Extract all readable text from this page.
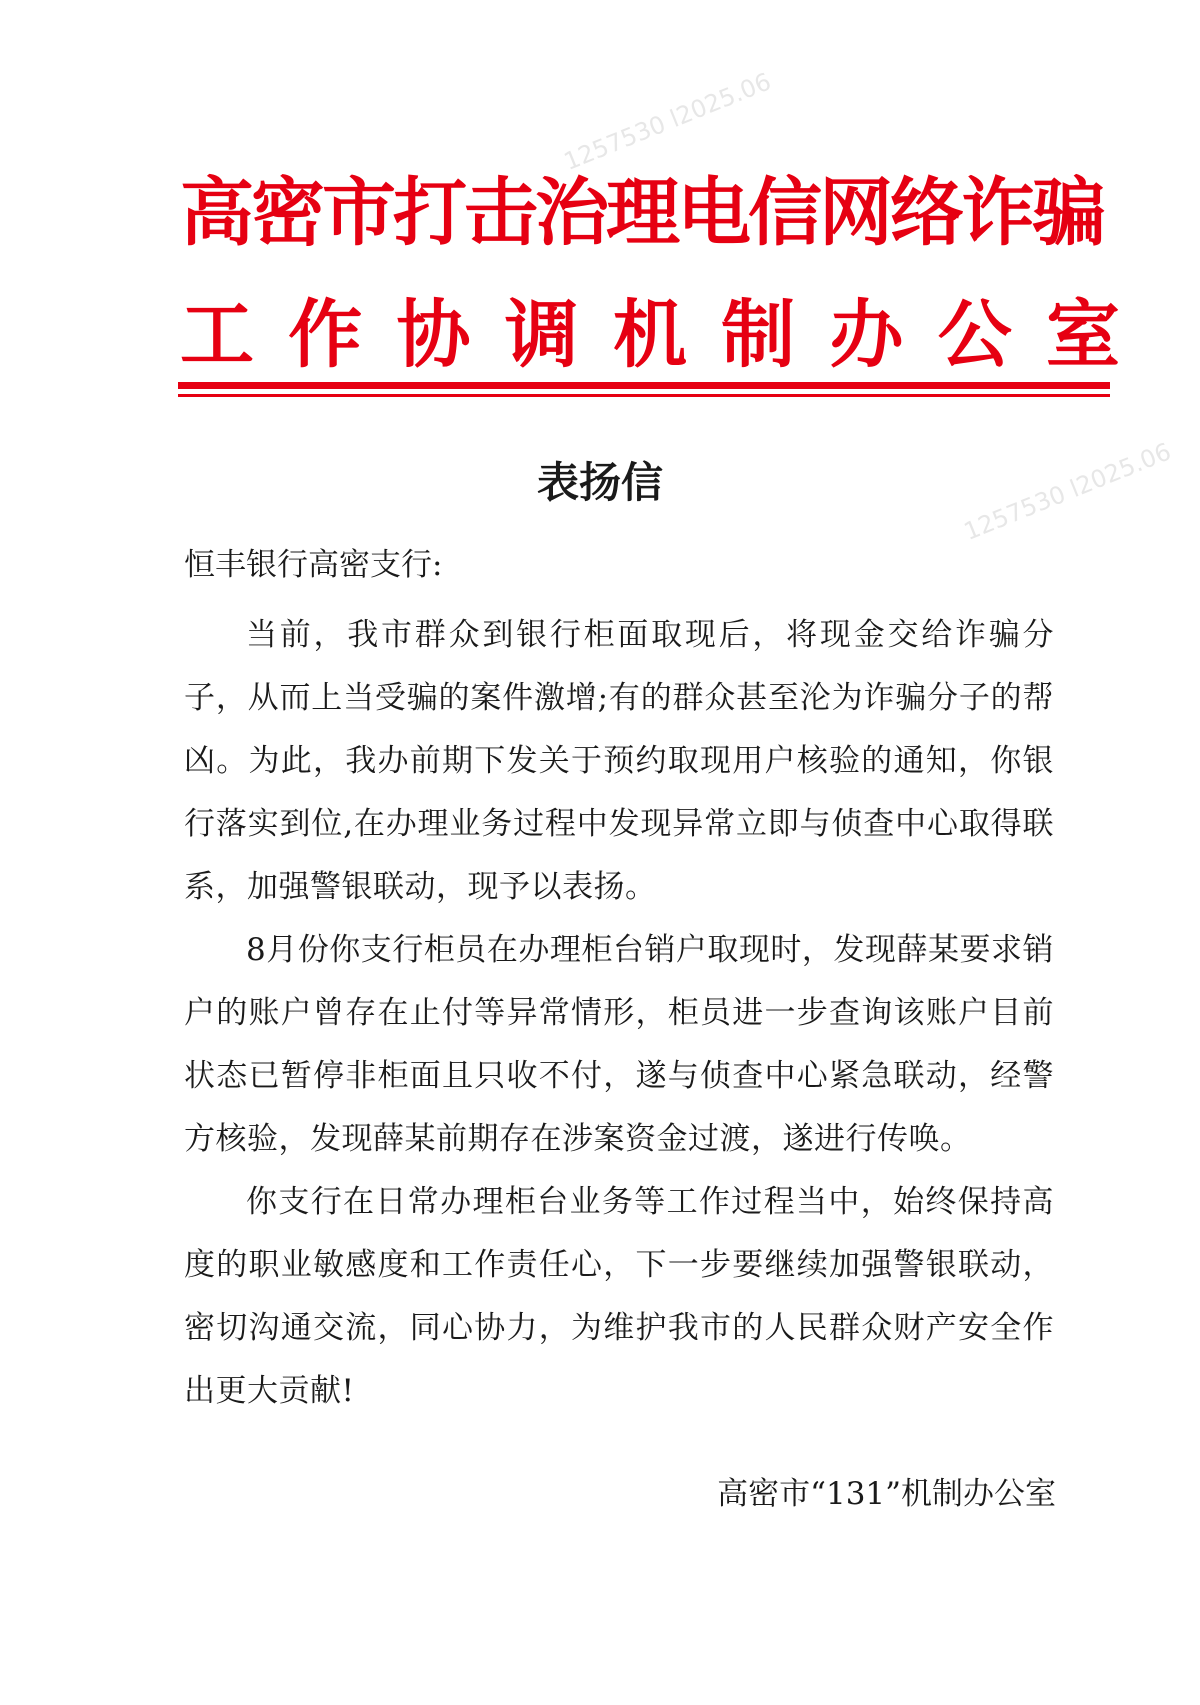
1257530 l2025.06
1257530 l2025.06
高密市打击治理电信网络诈骗
工 作 协 调 机 制 办 公 室
表扬信
恒丰银行高密支行:

当前，我市群众到银行柜面取现后，将现金交给诈骗分子，从而上当受骗的案件激增;有的群众甚至沦为诈骗分子的帮凶。为此，我办前期下发关于预约取现用户核验的通知，你银行落实到位,在办理业务过程中发现异常立即与侦查中心取得联系，加强警银联动，现予以表扬。

8月份你支行柜员在办理柜台销户取现时，发现薛某要求销户的账户曾存在止付等异常情形，柜员进一步查询该账户目前状态已暂停非柜面且只收不付，遂与侦查中心紧急联动，经警方核验，发现薛某前期存在涉案资金过渡，遂进行传唤。

你支行在日常办理柜台业务等工作过程当中，始终保持高度的职业敏感度和工作责任心，下一步要继续加强警银联动，密切沟通交流，同心协力，为维护我市的人民群众财产安全作出更大贡献!

高密市“131”机制办公室
